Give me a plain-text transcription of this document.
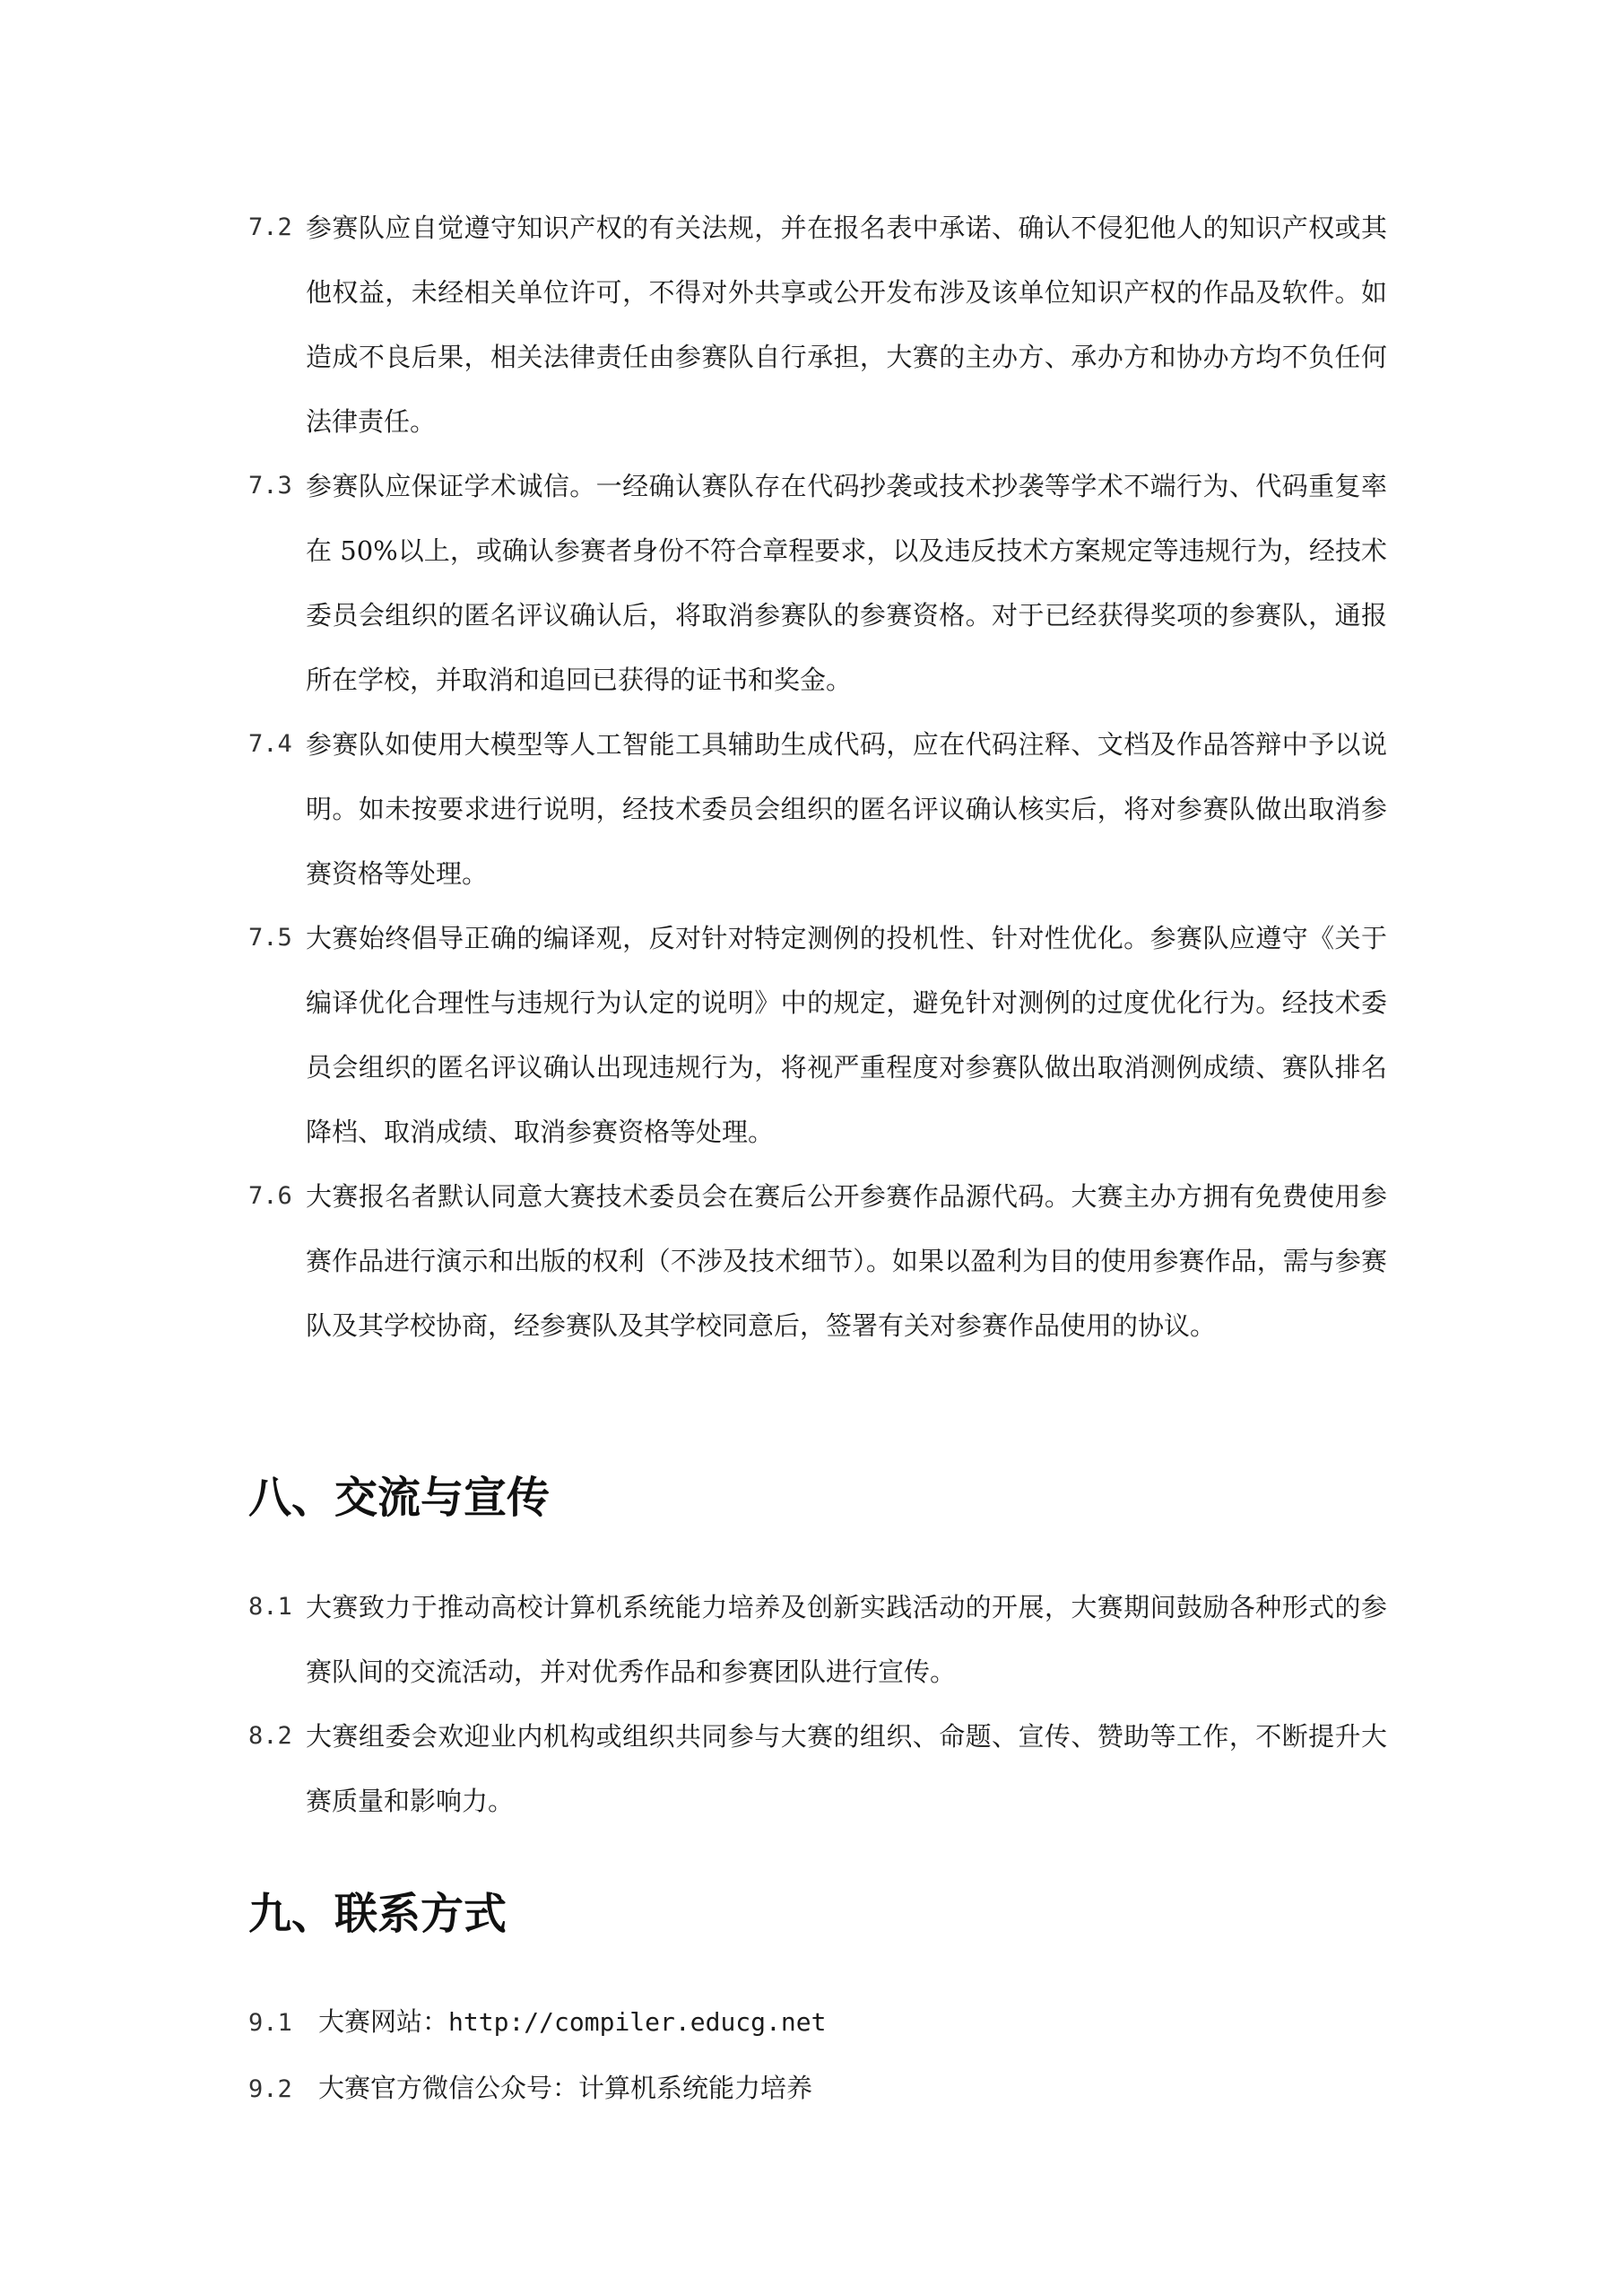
7.2 参赛队应自觉遵守知识产权的有关法规，并在报名表中承诺、确认不侵犯他人的知识产权或其他权益，未经相关单位许可，不得对外共享或公开发布涉及该单位知识产权的作品及软件。如造成不良后果，相关法律责任由参赛队自行承担，大赛的主办方、承办方和协办方均不负任何法律责任。
7.3 参赛队应保证学术诚信。一经确认赛队存在代码抄袭或技术抄袭等学术不端行为、代码重复率在 50%以上，或确认参赛者身份不符合章程要求，以及违反技术方案规定等违规行为，经技术委员会组织的匿名评议确认后，将取消参赛队的参赛资格。对于已经获得奖项的参赛队，通报所在学校，并取消和追回已获得的证书和奖金。
7.4 参赛队如使用大模型等人工智能工具辅助生成代码，应在代码注释、文档及作品答辩中予以说明。如未按要求进行说明，经技术委员会组织的匿名评议确认核实后，将对参赛队做出取消参赛资格等处理。
7.5 大赛始终倡导正确的编译观，反对针对特定测例的投机性、针对性优化。参赛队应遵守《关于编译优化合理性与违规行为认定的说明》中的规定，避免针对测例的过度优化行为。经技术委员会组织的匿名评议确认出现违规行为，将视严重程度对参赛队做出取消测例成绩、赛队排名降档、取消成绩、取消参赛资格等处理。
7.6 大赛报名者默认同意大赛技术委员会在赛后公开参赛作品源代码。大赛主办方拥有免费使用参赛作品进行演示和出版的权利（不涉及技术细节）。如果以盈利为目的使用参赛作品，需与参赛队及其学校协商，经参赛队及其学校同意后，签署有关对参赛作品使用的协议。
八、交流与宣传
8.1 大赛致力于推动高校计算机系统能力培养及创新实践活动的开展，大赛期间鼓励各种形式的参赛队间的交流活动，并对优秀作品和参赛团队进行宣传。
8.2 大赛组委会欢迎业内机构或组织共同参与大赛的组织、命题、宣传、赞助等工作，不断提升大赛质量和影响力。
九、联系方式
9.1 大赛网站：http://compiler.educg.net
9.2 大赛官方微信公众号：计算机系统能力培养
